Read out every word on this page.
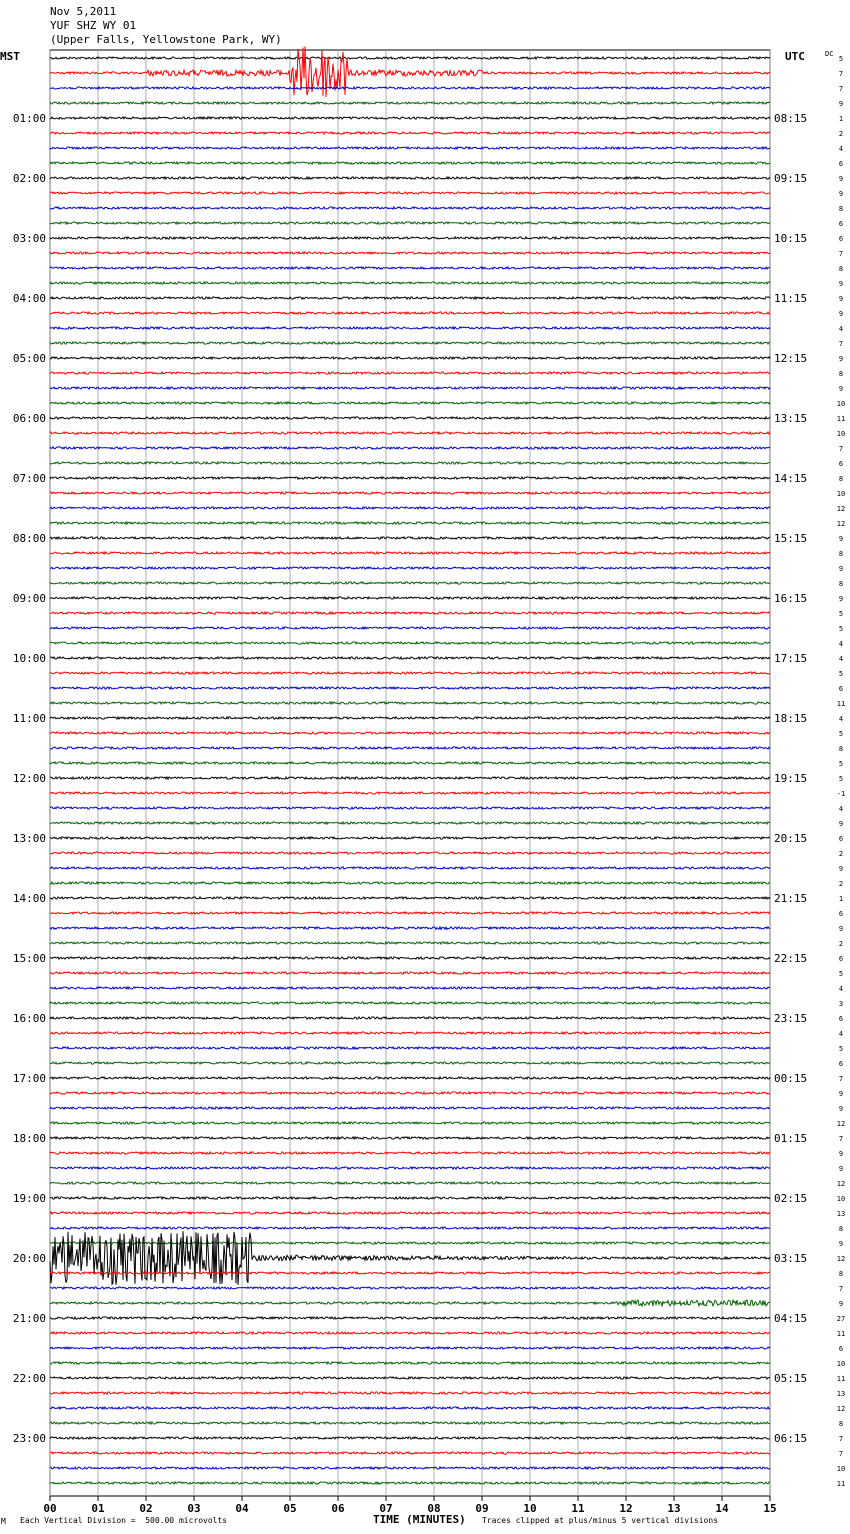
Nov 5,2011
YUF SHZ WY 01
(Upper Falls, Yellowstone Park, WY)
MST	UTC
01:00
02:00
03:00
04:00
05:00
06:00
07:00
08:00
09:00
10:00
11:00
12:00
13:00
14:00
15:00
16:00
17:00
18:00
19:00
20:00
21:00
22:00
23:00
08:15
09:15
10:15
11:15
12:15
13:15
14:15
15:15
16:15
17:15
18:15
19:15
20:15
21:15
22:15
23:15
00:15
01:15
02:15
03:15
04:15
05:15
06:15
DC
5
7
7
9
1
2
4
6
9
9
8
6
6
7
8
9
9
9
4
7
9
8
9
10
11
10
7
6
8
10
12
12
9
8
9
8
9
5
5
4
4
5
6
11
4
5
8
5
5
-1
4
9
6
2
9
2
1
6
9
2
6
5
4
3
6
4
5
6
7
9
9
12
7
9
9
12
10
13
8
9
12
8
7
9
27
11
6
10
11
13
12
8
7
7
10
11
00	01	02	03	04	05	06	07	08	09	10	11	12	13	14	15
TIME (MINUTES)
M Each Vertical Division =  500.00 microvolts	Traces clipped at plus/minus 5 vertical divisions
